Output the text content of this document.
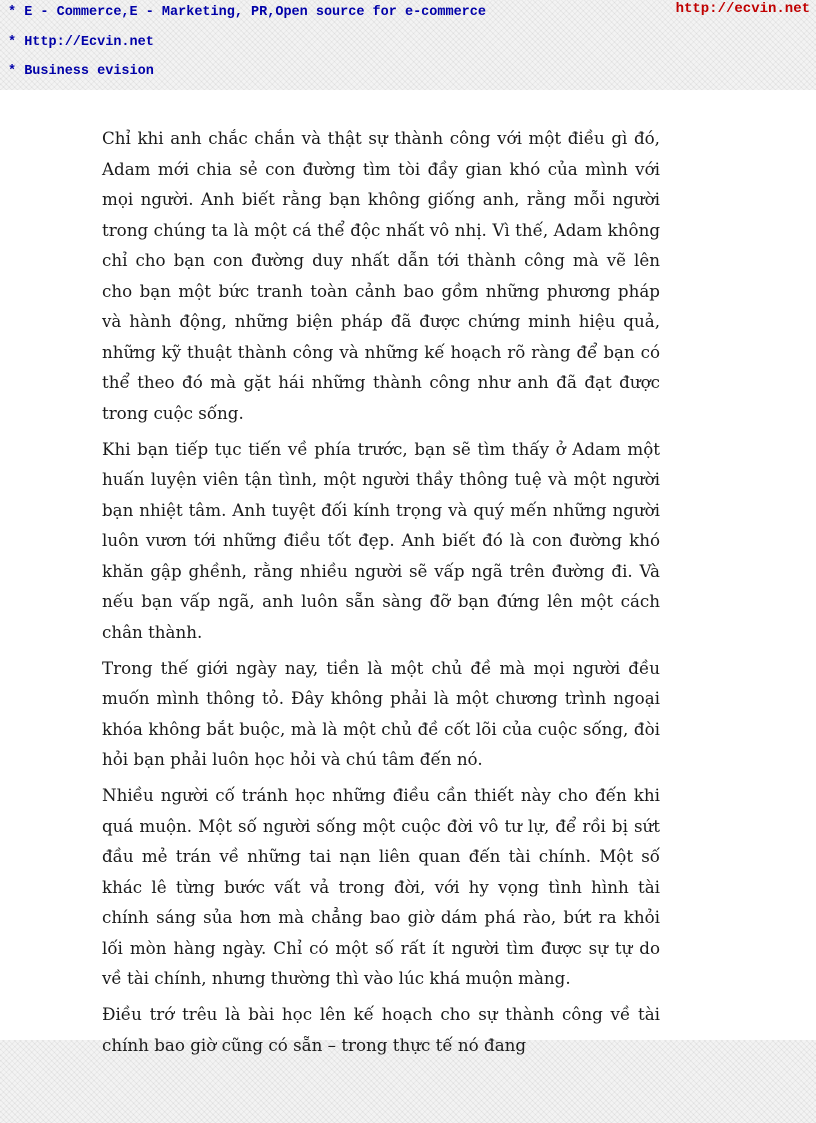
* E - Commerce,E - Marketing, PR,Open source for e-commerce
* Http://Ecvin.net
* Business evision
http://ecvin.net

Chỉ khi anh chắc chắn và thật sự thành công với một điều gì đó, Adam mới chia sẻ con đường tìm tòi đầy gian khó của mình với mọi người. Anh biết rằng bạn không giống anh, rằng mỗi người trong chúng ta là một cá thể độc nhất vô nhị. Vì thế, Adam không chỉ cho bạn con đường duy nhất dẫn tới thành công mà vẽ lên cho bạn một bức tranh toàn cảnh bao gồm những phương pháp và hành động, những biện pháp đã được chứng minh hiệu quả, những kỹ thuật thành công và những kế hoạch rõ ràng để bạn có thể theo đó mà gặt hái những thành công như anh đã đạt được trong cuộc sống.

Khi bạn tiếp tục tiến về phía trước, bạn sẽ tìm thấy ở Adam một huấn luyện viên tận tình, một người thầy thông tuệ và một người bạn nhiệt tâm. Anh tuyệt đối kính trọng và quý mến những người luôn vươn tới những điều tốt đẹp. Anh biết đó là con đường khó khăn gập ghềnh, rằng nhiều người sẽ vấp ngã trên đường đi. Và nếu bạn vấp ngã, anh luôn sẵn sàng đỡ bạn đứng lên một cách chân thành.

Trong thế giới ngày nay, tiền là một chủ đề mà mọi người đều muốn mình thông tỏ. Đây không phải là một chương trình ngoại khóa không bắt buộc, mà là một chủ đề cốt lõi của cuộc sống, đòi hỏi bạn phải luôn học hỏi và chú tâm đến nó.

Nhiều người cố tránh học những điều cần thiết này cho đến khi quá muộn. Một số người sống một cuộc đời vô tư lự, để rồi bị sứt đầu mẻ trán về những tai nạn liên quan đến tài chính. Một số khác lê từng bước vất vả trong đời, với hy vọng tình hình tài chính sáng sủa hơn mà chẳng bao giờ dám phá rào, bứt ra khỏi lối mòn hàng ngày. Chỉ có một số rất ít người tìm được sự tự do về tài chính, nhưng thường thì vào lúc khá muộn màng.

Điều trớ trêu là bài học lên kế hoạch cho sự thành công về tài chính bao giờ cũng có sẵn – trong thực tế nó đang
